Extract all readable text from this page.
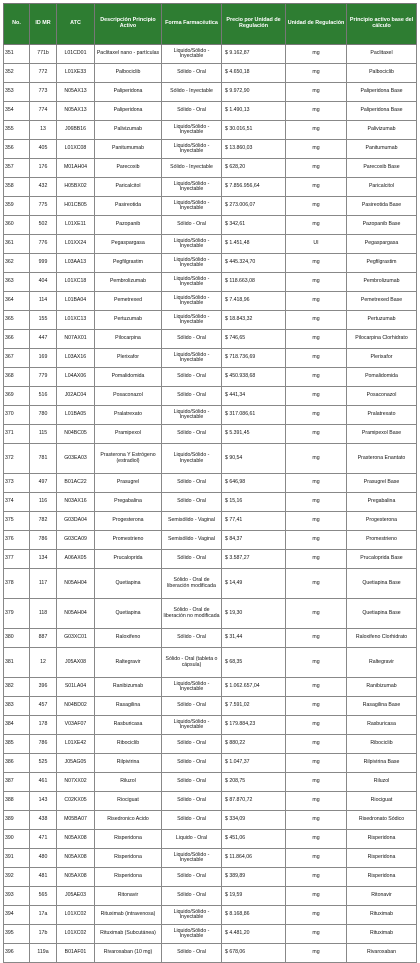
No.	ID MR	ATC	Descripción Principio Activo	Forma Farmacéutica	Precio por Unidad de Regulación	Unidad de Regulación	Principio activo base del cálculo
351	771b	L01CD01	Paclitaxel nano - partículas	Liquido/Sólido - Inyectable	$ 9.162,87	mg	Paclitaxel
352	772	L01XE33	Palbociclib	Sólido - Oral	$ 4.650,18	mg	Palbociclib
353	773	N05AX13	Paliperidona	Sólido - Inyectable	$ 9.972,90	mg	Paliperidona Base
354	774	N05AX13	Paliperidona	Sólido - Oral	$ 1.490,13	mg	Paliperidona Base
355	13	J06BB16	Palivizumab	Liquido/Sólido - Inyectable	$ 30.016,51	mg	Palivizumab
356	405	L01XC08	Panitumumab	Liquido/Sólido - Inyectable	$ 13.860,03	mg	Panitumumab
357	176	M01AH04	Parecoxib	Sólido - Inyectable	$ 628,20	mg	Parecoxib Base
358	432	H05BX02	Paricalcitol	Liquido/Sólido - Inyectable	$ 7.856.956,64	mg	Paricalcitol
359	775	H01CB05	Pasireotida	Liquido/Sólido - Inyectable	$ 273.006,07	mg	Pasireotida Base
360	502	L01XE11	Pazopanib	Sólido - Oral	$ 342,61	mg	Pazopanib Base
361	776	L01XX24	Pegaspargasa	Liquido/Sólido - Inyectable	$ 1.451,48	UI	Pegaspargasa
362	999	L03AA13	Pegfilgrastim	Liquido/Sólido - Inyectable	$ 445.324,70	mg	Pegfilgrastim
363	404	L01XC18	Pembrolizumab	Liquido/Sólido - Inyectable	$ 118.663,08	mg	Pembrolizumab
364	114	L01BA04	Pemetrexed	Liquido/Sólido - Inyectable	$ 7.418,96	mg	Pemetrexed Base
365	155	L01XC13	Pertuzumab	Liquido/Sólido - Inyectable	$ 18.843,32	mg	Pertuzumab
366	447	N07AX01	Pilocarpina	Sólido - Oral	$ 746,65	mg	Pilocarpina Clorhidrato
367	169	L03AX16	Plerixafor	Liquido/Sólido - Inyectable	$ 718.736,69	mg	Plerixafor
368	779	L04AX06	Pomalidomida	Sólido - Oral	$ 450.938,68	mg	Pomalidomida
369	516	J02AC04	Posaconazol	Sólido - Oral	$ 441,34	mg	Posaconazol
370	780	L01BA05	Pralatrexato	Liquido/Sólido - Inyectable	$ 317.086,61	mg	Pralatrexato
371	115	N04BC05	Pramipexol	Sólido - Oral	$ 5.391,45	mg	Pramipexol Base
372	781	G03EA03	Prasterona Y Estrógeno (estradiol)	Liquido/Sólido - Inyectable	$ 90,54	mg	Prasterona Enantato
373	497	B01AC22	Prasugrel	Sólido - Oral	$ 646,98	mg	Prasugrel Base
374	116	N03AX16	Pregabalina	Sólido - Oral	$ 15,16	mg	Pregabalina
375	782	G03DA04	Progesterona	Semisólido - Vaginal	$ 77,41	mg	Progesterona
376	786	G03CA09	Promestrieno	Semisólido - Vaginal	$ 84,37	mg	Promestrieno
377	134	A06AX05	Prucaloprida	Sólido - Oral	$ 3.587,27	mg	Prucaloprida Base
378	117	N05AH04	Quetiapina	Sólido - Oral de liberación modificada	$ 14,49	mg	Quetiapina Base
379	118	N05AH04	Quetiapina	Sólido - Oral de liberación no modificada	$ 19,30	mg	Quetiapina Base
380	887	G03XC01	Raloxifeno	Sólido - Oral	$ 31,44	mg	Raloxifeno Clorhidrato
381	12	J05AX08	Raltegravir	Sólido - Oral (tableta o cápsula)	$ 68,35	mg	Raltegravir
382	396	S01LA04	Ranibizumab	Liquido/Sólido - Inyectable	$ 1.062.657,04	mg	Ranibizumab
383	457	N04BD02	Rasagilina	Sólido - Oral	$ 7.591,02	mg	Rasagilina Base
384	178	V03AF07	Rasburicasa	Liquido/Sólido - Inyectable	$ 179.884,23	mg	Rasburicasa
385	786	L01XE42	Ribociclib	Sólido - Oral	$ 880,22	mg	Ribociclib
386	525	J05AG05	Rilpivirina	Sólido - Oral	$ 1.047,37	mg	Rilpivirina Base
387	461	N07XX02	Riluzol	Sólido - Oral	$ 208,75	mg	Riluzol
388	143	C02KX05	Riociguat	Sólido - Oral	$ 87.870,72	mg	Riociguat
389	438	M05BA07	Risedronico Acido	Sólido - Oral	$ 334,09	mg	Risedronato Sódico
390	471	N05AX08	Risperidona	Liquido - Oral	$ 451,06	mg	Risperidona
391	480	N05AX08	Risperidona	Liquido/Sólido - Inyectable	$ 11.864,06	mg	Risperidona
392	481	N05AX08	Risperidona	Sólido - Oral	$ 389,89	mg	Risperidona
393	565	J05AE03	Ritonavir	Sólido - Oral	$ 19,59	mg	Ritonavir
394	17a	L01XC02	Rituximab (intravenosa)	Liquido/Sólido - Inyectable	$ 8.168,86	mg	Rituximab
395	17b	L01XC02	Rituximab (Subcutánea)	Liquido/Sólido - Inyectable	$ 4.481,20	mg	Rituximab
396	119a	B01AF01	Rivaroxaban (10 mg)	Sólido - Oral	$ 678,06	mg	Rivaroxaban
